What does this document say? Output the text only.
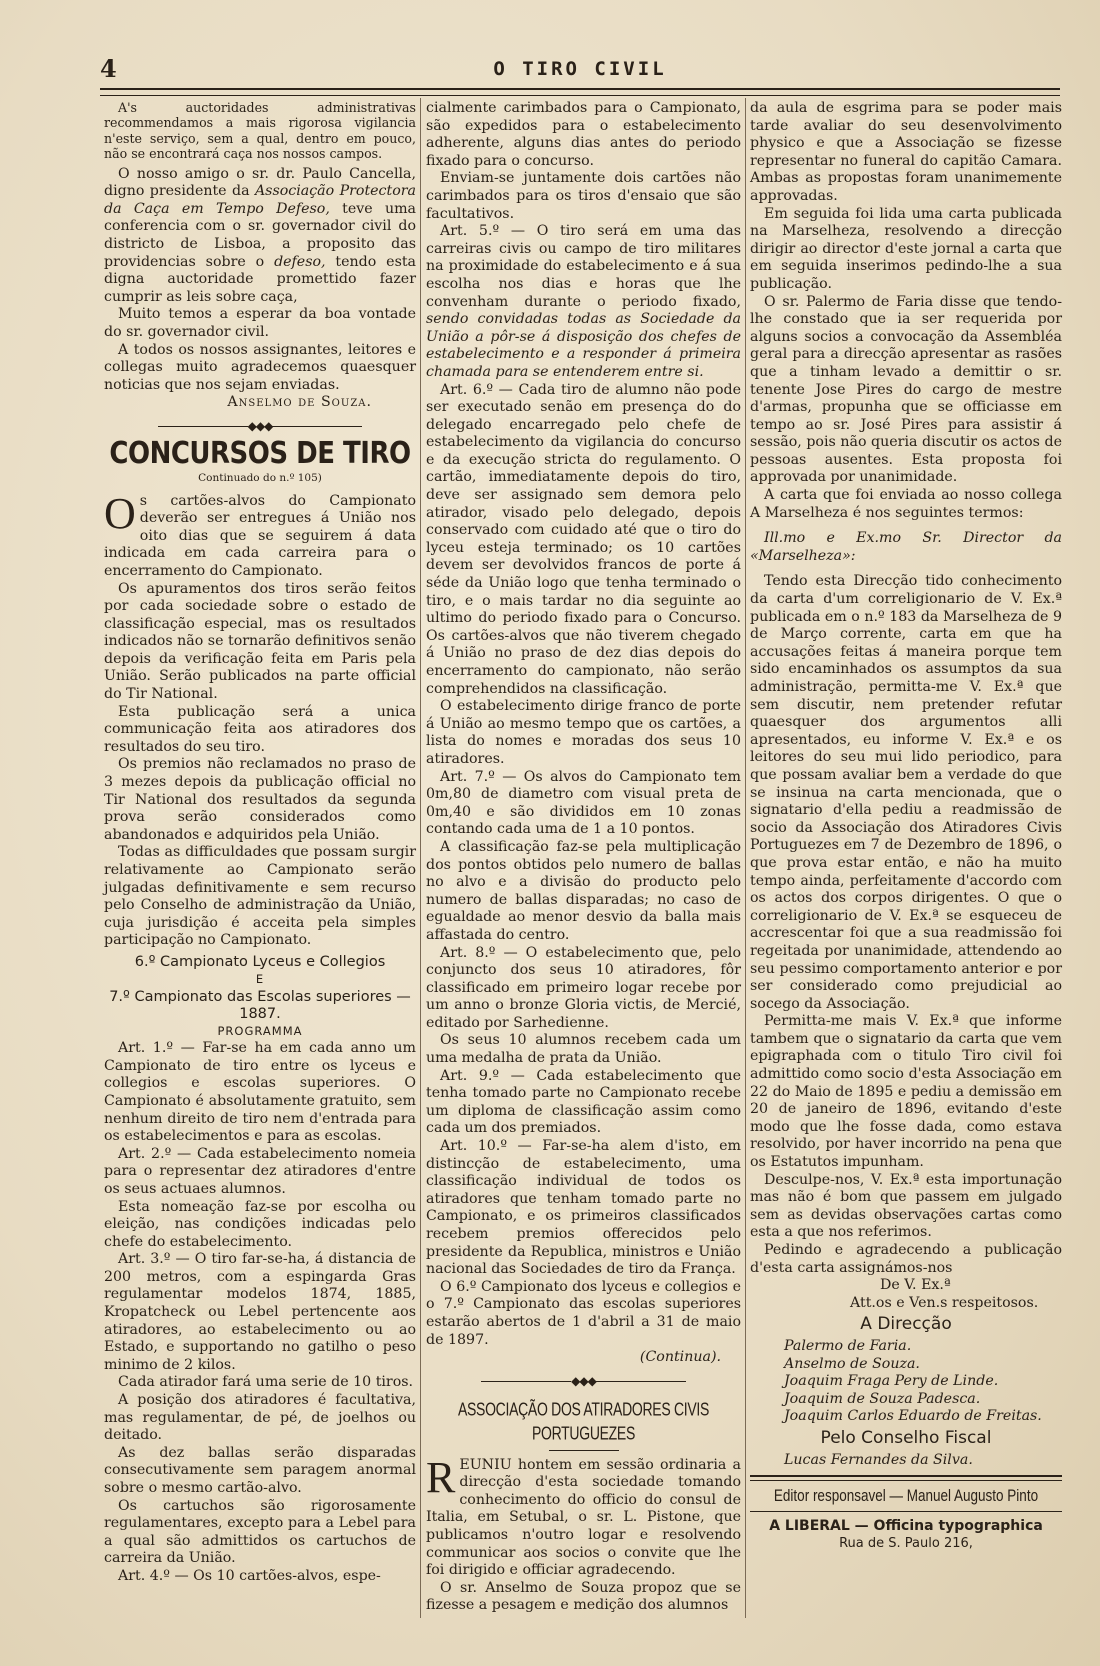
4	O TIRO CIVIL

A's auctoridades administrativas recommendamos a mais rigorosa vigilancia n'este serviço, sem a qual, dentro em pouco, não se encontrará caça nos nossos campos.

O nosso amigo o sr. dr. Paulo Cancella, digno presidente da Associação Protectora da Caça em Tempo Defeso, teve uma conferencia com o sr. governador civil do districto de Lisboa, a proposito das providencias sobre o defeso, tendo esta digna auctoridade promettido fazer cumprir as leis sobre caça,

Muito temos a esperar da boa vontade do sr. governador civil.

A todos os nossos assignantes, leitores e collegas muito agradecemos quaesquer noticias que nos sejam enviadas.

Anselmo de Souza.

◆◆◆
CONCURSOS DE TIRO
Continuado do n.º 105)

Os cartões-alvos do Campionato deverão ser entregues á União nos oito dias que se seguirem á data indicada em cada carreira para o encerramento do Campionato.

Os apuramentos dos tiros serão feitos por cada sociedade sobre o estado de classificação especial, mas os resultados indicados não se tornarão definitivos senão depois da verificação feita em Paris pela União. Serão publicados na parte official do Tir National.

Esta publicação será a unica communicação feita aos atiradores dos resultados do seu tiro.

Os premios não reclamados no praso de 3 mezes depois da publicação official no Tir National dos resultados da segunda prova serão considerados como abandonados e adquiridos pela União.

Todas as difficuldades que possam surgir relativamente ao Campionato serão julgadas definitivamente e sem recurso pelo Conselho de administração da União, cuja jurisdição é acceita pela simples participação no Campionato.

6.º Campionato Lyceus e Collegios
E
7.º Campionato das Escolas superiores — 1887.
PROGRAMMA

Art. 1.º — Far-se ha em cada anno um Campionato de tiro entre os lyceus e collegios e escolas superiores. O Campionato é absolutamente gratuito, sem nenhum direito de tiro nem d'entrada para os estabelecimentos e para as escolas.

Art. 2.º — Cada estabelecimento nomeia para o representar dez atiradores d'entre os seus actuaes alumnos.

Esta nomeação faz-se por escolha ou eleição, nas condições indicadas pelo chefe do estabelecimento.

Art. 3.º — O tiro far-se-ha, á distancia de 200 metros, com a espingarda Gras regulamentar modelos 1874, 1885, Kropatcheck ou Lebel pertencente aos atiradores, ao estabelecimento ou ao Estado, e supportando no gatilho o peso minimo de 2 kilos.

Cada atirador fará uma serie de 10 tiros.

A posição dos atiradores é facultativa, mas regulamentar, de pé, de joelhos ou deitado.

As dez ballas serão disparadas consecutivamente sem paragem anormal sobre o mesmo cartão-alvo.

Os cartuchos são rigorosamente regulamentares, excepto para a Lebel para a qual são admittidos os cartuchos de carreira da União.

Art. 4.º — Os 10 cartões-alvos, espe-

cialmente carimbados para o Campionato, são expedidos para o estabelecimento adherente, alguns dias antes do periodo fixado para o concurso.

Enviam-se juntamente dois cartões não carimbados para os tiros d'ensaio que são facultativos.

Art. 5.º — O tiro será em uma das carreiras civis ou campo de tiro militares na proximidade do estabelecimento e á sua escolha nos dias e horas que lhe convenham durante o periodo fixado, sendo convidadas todas as Sociedade da União a pôr-se á disposição dos chefes de estabelecimento e a responder á primeira chamada para se entenderem entre si.

Art. 6.º — Cada tiro de alumno não pode ser executado senão em presença do do delegado encarregado pelo chefe de estabelecimento da vigilancia do concurso e da execução stricta do regulamento. O cartão, immediatamente depois do tiro, deve ser assignado sem demora pelo atirador, visado pelo delegado, depois conservado com cuidado até que o tiro do lyceu esteja terminado; os 10 cartões devem ser devolvidos francos de porte á séde da União logo que tenha terminado o tiro, e o mais tardar no dia seguinte ao ultimo do periodo fixado para o Concurso. Os cartões-alvos que não tiverem chegado á União no praso de dez dias depois do encerramento do campionato, não serão comprehendidos na classificação.

O estabelecimento dirige franco de porte á União ao mesmo tempo que os cartões, a lista do nomes e moradas dos seus 10 atiradores.

Art. 7.º — Os alvos do Campionato tem 0m,80 de diametro com visual preta de 0m,40 e são divididos em 10 zonas contando cada uma de 1 a 10 pontos.

A classificação faz-se pela multiplicação dos pontos obtidos pelo numero de ballas no alvo e a divisão do producto pelo numero de ballas disparadas; no caso de egualdade ao menor desvio da balla mais affastada do centro.

Art. 8.º — O estabelecimento que, pelo conjuncto dos seus 10 atiradores, fôr classificado em primeiro logar recebe por um anno o bronze Gloria victis, de Mercié, editado por Sarhedienne.

Os seus 10 alumnos recebem cada um uma medalha de prata da União.

Art. 9.º — Cada estabelecimento que tenha tomado parte no Campionato recebe um diploma de classificação assim como cada um dos premiados.

Art. 10.º — Far-se-ha alem d'isto, em distincção de estabelecimento, uma classificação individual de todos os atiradores que tenham tomado parte no Campionato, e os primeiros classificados recebem premios offerecidos pelo presidente da Republica, ministros e União nacional das Sociedades de tiro da França.

O 6.º Campionato dos lyceus e collegios e o 7.º Campionato das escolas superiores estarão abertos de 1 d'abril a 31 de maio de 1897.

(Continua).

◆◆◆
ASSOCIAÇÃO DOS ATIRADORES CIVIS PORTUGUEZES

REUNIU hontem em sessão ordinaria a direcção d'esta sociedade tomando conhecimento do officio do consul de Italia, em Setubal, o sr. L. Pistone, que publicamos n'outro logar e resolvendo communicar aos socios o convite que lhe foi dirigido e officiar agradecendo.

O sr. Anselmo de Souza propoz que se fizesse a pesagem e medição dos alumnos

da aula de esgrima para se poder mais tarde avaliar do seu desenvolvimento physico e que a Associação se fizesse representar no funeral do capitão Camara. Ambas as propostas foram unanimemente approvadas.

Em seguida foi lida uma carta publicada na Marselheza, resolvendo a direcção dirigir ao director d'este jornal a carta que em seguida inserimos pedindo-lhe a sua publicação.

O sr. Palermo de Faria disse que tendo-lhe constado que ia ser requerida por alguns socios a convocação da Assembléa geral para a direcção apresentar as rasões que a tinham levado a demittir o sr. tenente Jose Pires do cargo de mestre d'armas, propunha que se officiasse em tempo ao sr. José Pires para assistir á sessão, pois não queria discutir os actos de pessoas ausentes. Esta proposta foi approvada por unanimidade.

A carta que foi enviada ao nosso collega A Marselheza é nos seguintes termos:

Ill.mo e Ex.mo Sr. Director da «Marselheza»:

Tendo esta Direcção tido conhecimento da carta d'um correligionario de V. Ex.ª publicada em o n.º 183 da Marselheza de 9 de Março corrente, carta em que ha accusações feitas á maneira porque tem sido encaminhados os assumptos da sua administração, permitta-me V. Ex.ª que sem discutir, nem pretender refutar quaesquer dos argumentos alli apresentados, eu informe V. Ex.ª e os leitores do seu mui lido periodico, para que possam avaliar bem a verdade do que se insinua na carta mencionada, que o signatario d'ella pediu a readmissão de socio da Associação dos Atiradores Civis Portuguezes em 7 de Dezembro de 1896, o que prova estar então, e não ha muito tempo ainda, perfeitamente d'accordo com os actos dos corpos dirigentes. O que o correligionario de V. Ex.ª se esqueceu de accrescentar foi que a sua readmissão foi regeitada por unanimidade, attendendo ao seu pessimo comportamento anterior e por ser considerado como prejudicial ao socego da Associação.

Permitta-me mais V. Ex.ª que informe tambem que o signatario da carta que vem epigraphada com o titulo Tiro civil foi admittido como socio d'esta Associação em 22 do Maio de 1895 e pediu a demissão em 20 de janeiro de 1896, evitando d'este modo que lhe fosse dada, como estava resolvido, por haver incorrido na pena que os Estatutos impunham.

Desculpe-nos, V. Ex.ª esta importunação mas não é bom que passem em julgado sem as devidas observações cartas como esta a que nos referimos.

Pedindo e agradecendo a publicação d'esta carta assignámos-nos

De V. Ex.ª

Att.os e Ven.s respeitosos.

A Direcção

Palermo de Faria.

Anselmo de Souza.

Joaquim Fraga Pery de Linde.

Joaquim de Souza Padesca.

Joaquim Carlos Eduardo de Freitas.

Pelo Conselho Fiscal

Lucas Fernandes da Silva.

Editor responsavel — Manuel Augusto Pinto
A LIBERAL — Officina typographica
Rua de S. Paulo 216,
